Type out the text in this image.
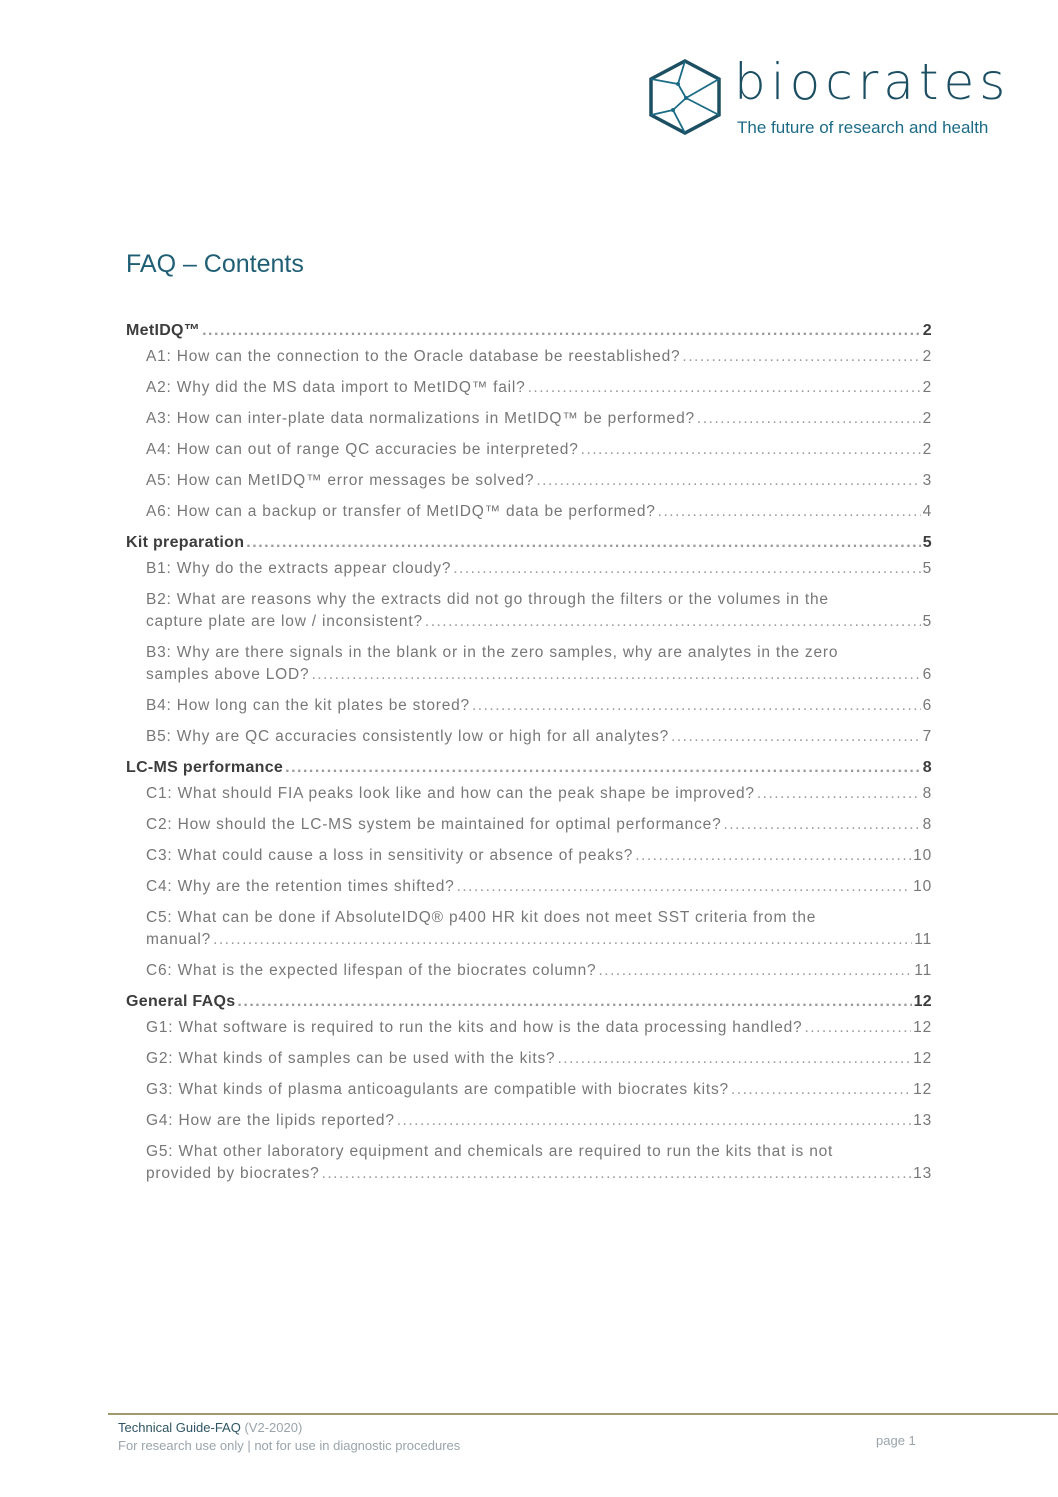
biocrates
The future of research and health
FAQ – Contents
MetIDQ™ .....	2
A1: How can the connection to the Oracle database be reestablished? .....	2
A2: Why did the MS data import to MetIDQ™ fail? .....	2
A3: How can inter-plate data normalizations in MetIDQ™ be performed? .....	2
A4: How can out of range QC accuracies be interpreted? .....	2
A5: How can MetIDQ™ error messages be solved? .....	3
A6: How can a backup or transfer of MetIDQ™ data be performed? .....	4
Kit preparation .....	5
B1: Why do the extracts appear cloudy? .....	5
B2: What are reasons why the extracts did not go through the filters or the volumes in the
capture plate are low / inconsistent? .....	5
B3: Why are there signals in the blank or in the zero samples, why are analytes in the zero
samples above LOD? .....	6
B4: How long can the kit plates be stored? .....	6
B5: Why are QC accuracies consistently low or high for all analytes? .....	7
LC-MS performance .....	8
C1: What should FIA peaks look like and how can the peak shape be improved? .....	8
C2: How should the LC-MS system be maintained for optimal performance? .....	8
C3: What could cause a loss in sensitivity or absence of peaks? .....	10
C4: Why are the retention times shifted? .....	10
C5: What can be done if AbsoluteIDQ® p400 HR kit does not meet SST criteria from the
manual? .....	11
C6: What is the expected lifespan of the biocrates column? .....	11
General FAQs .....	12
G1: What software is required to run the kits and how is the data processing handled? .....	12
G2: What kinds of samples can be used with the kits? .....	12
G3: What kinds of plasma anticoagulants are compatible with biocrates kits? .....	12
G4: How are the lipids reported? .....	13
G5: What other laboratory equipment and chemicals are required to run the kits that is not
provided by biocrates? .....	13
Technical Guide-FAQ (V2-2020)
For research use only | not for use in diagnostic procedures	page 1
